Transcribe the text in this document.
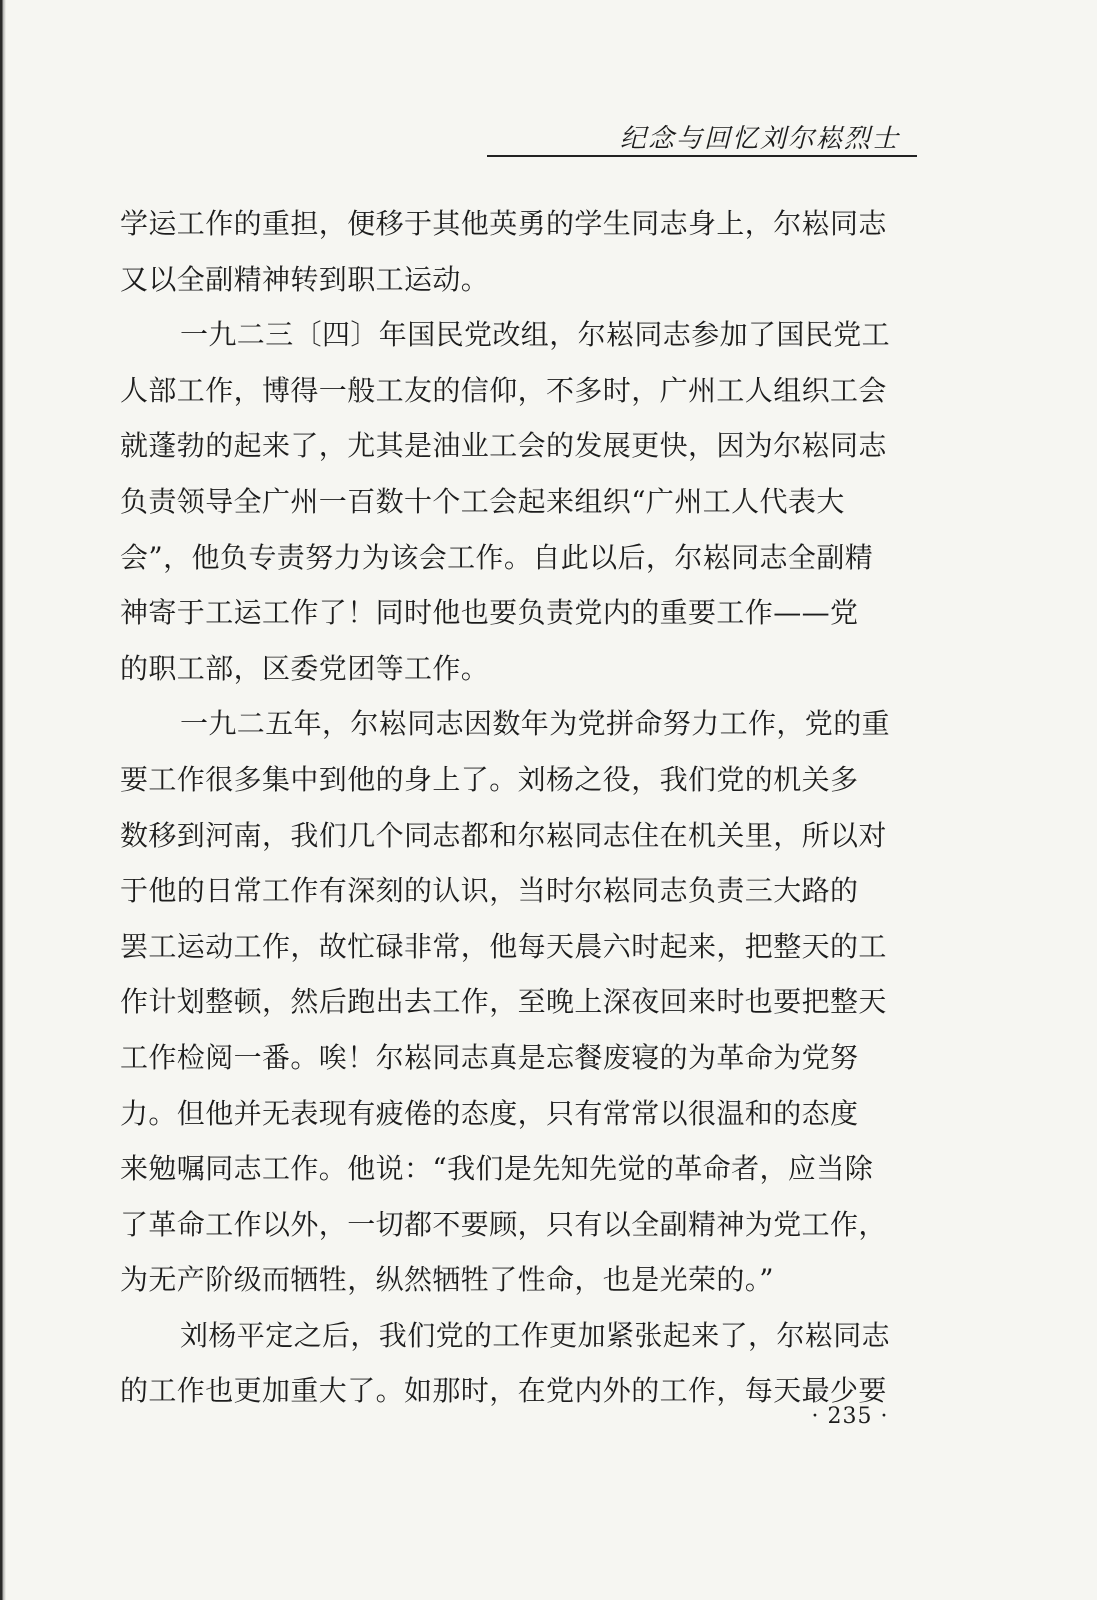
纪念与回忆刘尔崧烈士
学运工作的重担，便移于其他英勇的学生同志身上，尔崧同志
又以全副精神转到职工运动。
一九二三〔四〕年国民党改组，尔崧同志参加了国民党工
人部工作，博得一般工友的信仰，不多时，广州工人组织工会
就蓬勃的起来了，尤其是油业工会的发展更快，因为尔崧同志
负责领导全广州一百数十个工会起来组织“广州工人代表大
会”，他负专责努力为该会工作。自此以后，尔崧同志全副精
神寄于工运工作了！同时他也要负责党内的重要工作——党
的职工部，区委党团等工作。
一九二五年，尔崧同志因数年为党拼命努力工作，党的重
要工作很多集中到他的身上了。刘杨之役，我们党的机关多
数移到河南，我们几个同志都和尔崧同志住在机关里，所以对
于他的日常工作有深刻的认识，当时尔崧同志负责三大路的
罢工运动工作，故忙碌非常，他每天晨六时起来，把整天的工
作计划整顿，然后跑出去工作，至晚上深夜回来时也要把整天
工作检阅一番。唉！尔崧同志真是忘餐废寝的为革命为党努
力。但他并无表现有疲倦的态度，只有常常以很温和的态度
来勉嘱同志工作。他说：“我们是先知先觉的革命者，应当除
了革命工作以外，一切都不要顾，只有以全副精神为党工作，
为无产阶级而牺牲，纵然牺牲了性命，也是光荣的。”
刘杨平定之后，我们党的工作更加紧张起来了，尔崧同志
的工作也更加重大了。如那时，在党内外的工作，每天最少要
· 235 ·
